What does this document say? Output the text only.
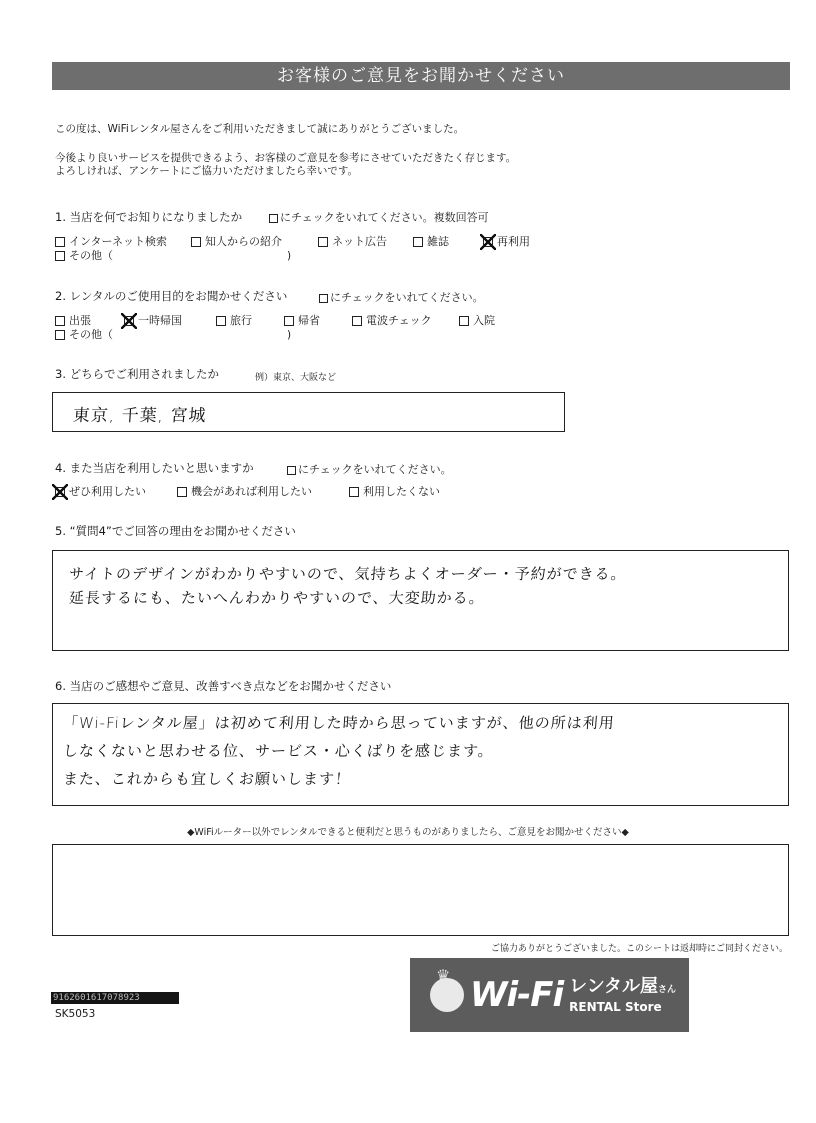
お客様のご意見をお聞かせください
この度は、WiFiレンタル屋さんをご利用いただきまして誠にありがとうございました。
今後より良いサービスを提供できるよう、お客様のご意見を参考にさせていただきたく存じます。
よろしければ、アンケートにご協力いただけましたら幸いです。
1. 当店を何でお知りになりましたか	にチェックをいれてください。複数回答可
インターネット検索	知人からの紹介	ネット広告	雑誌	再利用
その他（	)
2. レンタルのご使用目的をお聞かせください	にチェックをいれてください。
出張	一時帰国	旅行	帰省	電波チェック	入院
その他（	)
3. どちらでご利用されましたか	例）東京、大阪など
東京, 千葉, 宮城
4. また当店を利用したいと思いますか	にチェックをいれてください。
ぜひ利用したい	機会があれば利用したい	利用したくない
5. “質問4”でご回答の理由をお聞かせください
サイトのデザインがわかりやすいので、気持ちよくオーダー・予約ができる。
延長するにも、たいへんわかりやすいので、大変助かる。
6. 当店のご感想やご意見、改善すべき点などをお聞かせください
「Wi-Fiレンタル屋」は初めて利用した時から思っていますが、他の所は利用
しなくないと思わせる位、サービス・心くばりを感じます。
また、これからも宜しくお願いします！
◆WiFiルーター以外でレンタルできると便利だと思うものがありましたら、ご意見をお聞かせください◆
ご協力ありがとうございました。このシートは返却時にご同封ください。
♛ Wi-Fi レンタル屋さん
RENTAL Store
9162601617078923
SK5053
